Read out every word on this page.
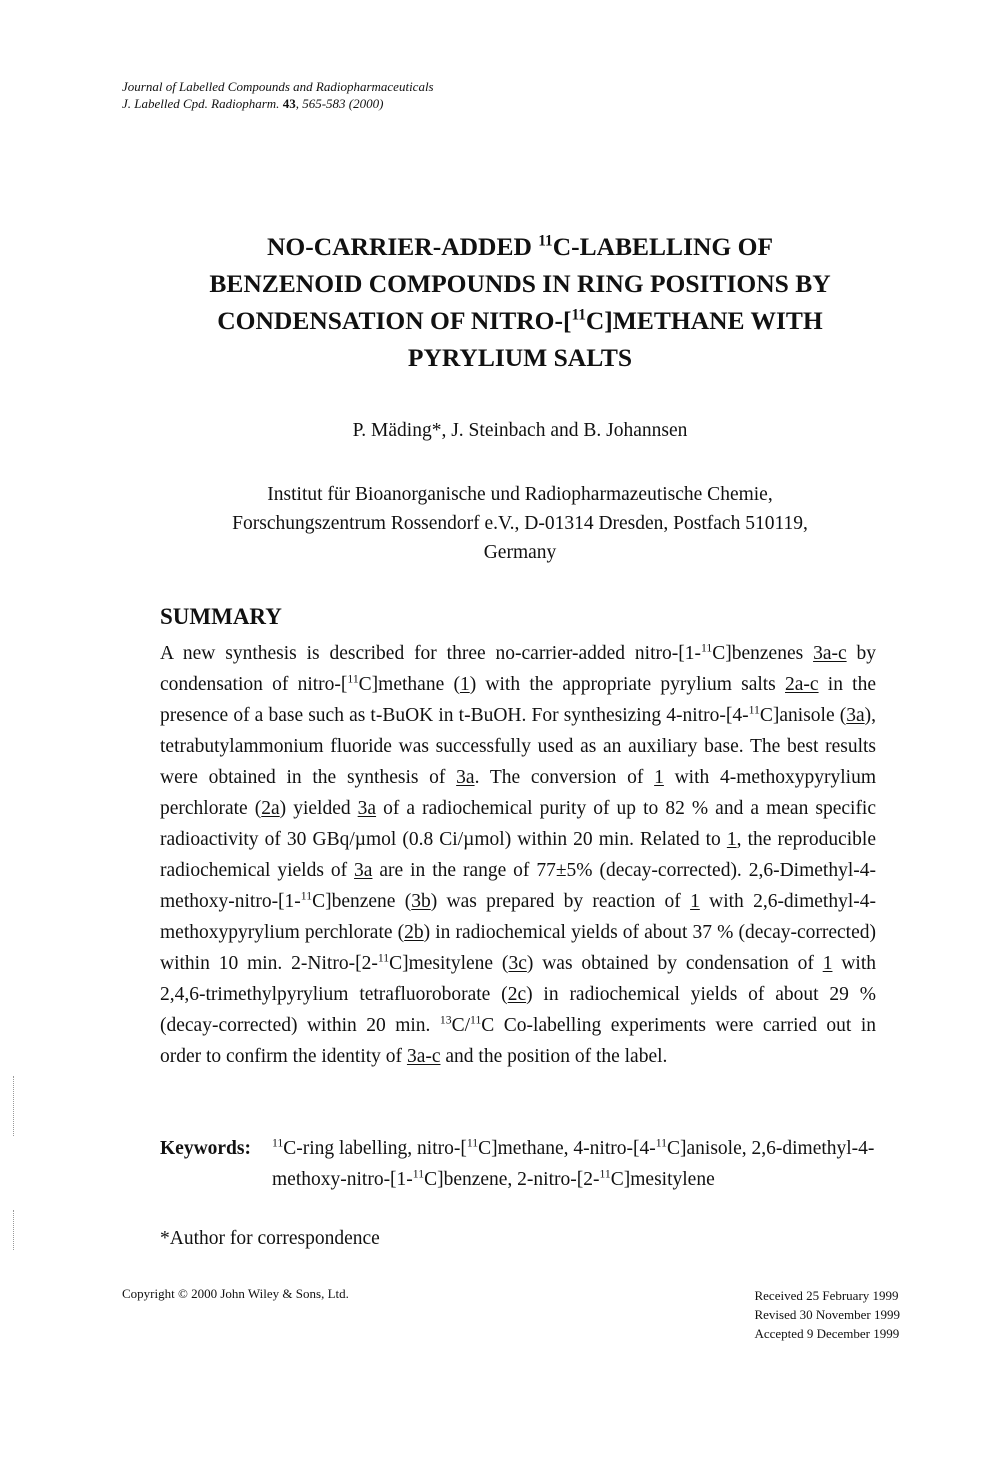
Journal of Labelled Compounds and Radiopharmaceuticals
J. Labelled Cpd. Radiopharm. 43, 565-583 (2000)
NO-CARRIER-ADDED $^{11}$C-LABELLING OF
BENZENOID COMPOUNDS IN RING POSITIONS BY
CONDENSATION OF NITRO-[$^{11}$C]METHANE WITH
PYRYLIUM SALTS
P. Mäding*, J. Steinbach and B. Johannsen
Institut für Bioanorganische und Radiopharmazeutische Chemie,
Forschungszentrum Rossendorf e.V., D-01314 Dresden, Postfach 510119,
Germany
SUMMARY
A new synthesis is described for three no-carrier-added nitro-[1-$^{11}$C]benzenes 3a-c by condensation of nitro-[$^{11}$C]methane (1) with the appropriate pyrylium salts 2a-c in the presence of a base such as t-BuOK in t-BuOH. For synthesizing 4-nitro-[4-$^{11}$C]anisole (3a), tetrabutylammonium fluoride was successfully used as an auxiliary base. The best results were obtained in the synthesis of 3a. The conversion of 1 with 4-methoxypyrylium perchlorate (2a) yielded 3a of a radiochemical purity of up to 82 % and a mean specific radioactivity of 30 GBq/µmol (0.8 Ci/µmol) within 20 min. Related to 1, the reproducible radiochemical yields of 3a are in the range of 77±5% (decay-corrected). 2,6-Dimethyl-4-methoxy-nitro-[1-$^{11}$C]benzene (3b) was prepared by reaction of 1 with 2,6-dimethyl-4-methoxypyrylium perchlorate (2b) in radiochemical yields of about 37 % (decay-corrected) within 10 min. 2-Nitro-[2-$^{11}$C]mesitylene (3c) was obtained by condensation of 1 with 2,4,6-trimethylpyrylium tetrafluoroborate (2c) in radiochemical yields of about 29 % (decay-corrected) within 20 min. $^{13}$C/$^{11}$C Co-labelling experiments were carried out in order to confirm the identity of 3a-c and the position of the label.
Keywords: $^{11}$C-ring labelling, nitro-[$^{11}$C]methane, 4-nitro-[4-$^{11}$C]anisole, 2,6-dimethyl-4-methoxy-nitro-[1-$^{11}$C]benzene, 2-nitro-[2-$^{11}$C]mesitylene
*Author for correspondence
Copyright © 2000 John Wiley & Sons, Ltd.	Received 25 February 1999
Revised 30 November 1999
Accepted 9 December 1999
